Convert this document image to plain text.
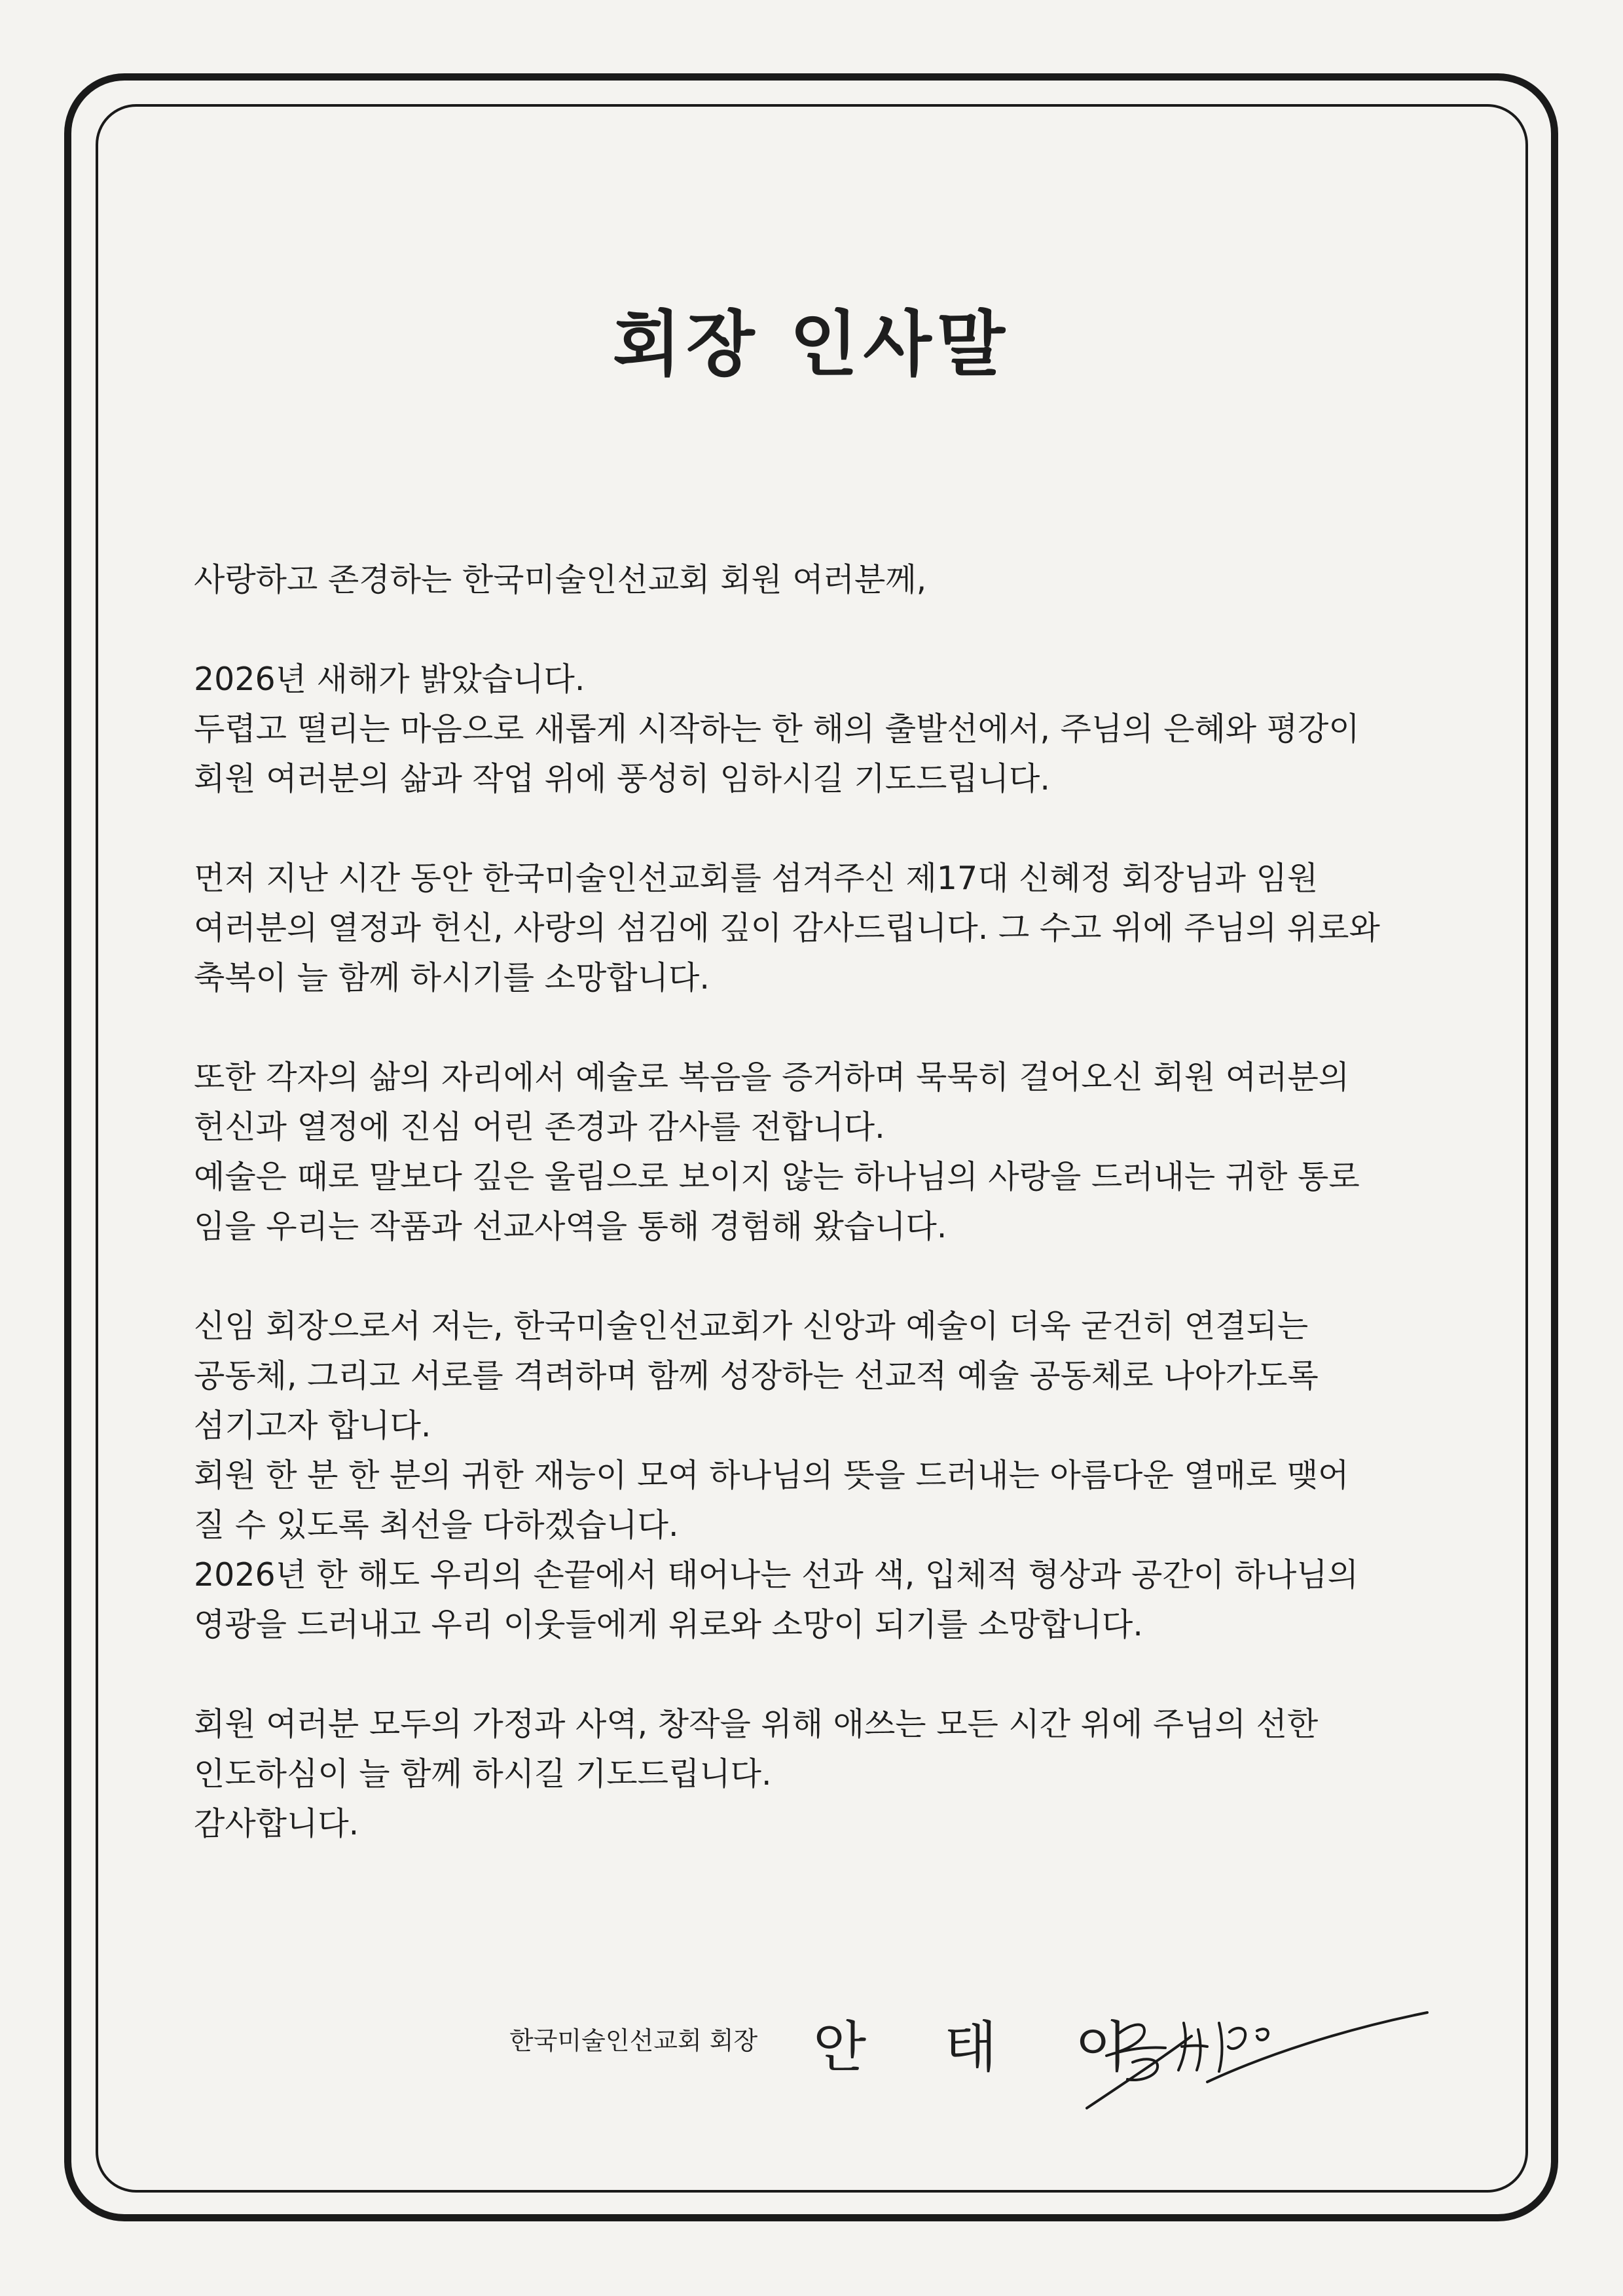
회장 인사말

사랑하고 존경하는 한국미술인선교회 회원 여러분께,

2026년 새해가 밝았습니다.
두렵고 떨리는 마음으로 새롭게 시작하는 한 해의 출발선에서, 주님의 은혜와 평강이
회원 여러분의 삶과 작업 위에 풍성히 임하시길 기도드립니다.

먼저 지난 시간 동안 한국미술인선교회를 섬겨주신 제17대 신혜정 회장님과 임원
여러분의 열정과 헌신, 사랑의 섬김에 깊이 감사드립니다. 그 수고 위에 주님의 위로와
축복이 늘 함께 하시기를 소망합니다.

또한 각자의 삶의 자리에서 예술로 복음을 증거하며 묵묵히 걸어오신 회원 여러분의
헌신과 열정에 진심 어린 존경과 감사를 전합니다.
예술은 때로 말보다 깊은 울림으로 보이지 않는 하나님의 사랑을 드러내는 귀한 통로
임을 우리는 작품과 선교사역을 통해 경험해 왔습니다.

신임 회장으로서 저는, 한국미술인선교회가 신앙과 예술이 더욱 굳건히 연결되는
공동체, 그리고 서로를 격려하며 함께 성장하는 선교적 예술 공동체로 나아가도록
섬기고자 합니다.
회원 한 분 한 분의 귀한 재능이 모여 하나님의 뜻을 드러내는 아름다운 열매로 맺어
질 수 있도록 최선을 다하겠습니다.
2026년 한 해도 우리의 손끝에서 태어나는 선과 색, 입체적 형상과 공간이 하나님의
영광을 드러내고 우리 이웃들에게 위로와 소망이 되기를 소망합니다.

회원 여러분 모두의 가정과 사역, 창작을 위해 애쓰는 모든 시간 위에 주님의 선한
인도하심이 늘 함께 하시길 기도드립니다.
감사합니다.

한국미술인선교회 회장 안 태 이
